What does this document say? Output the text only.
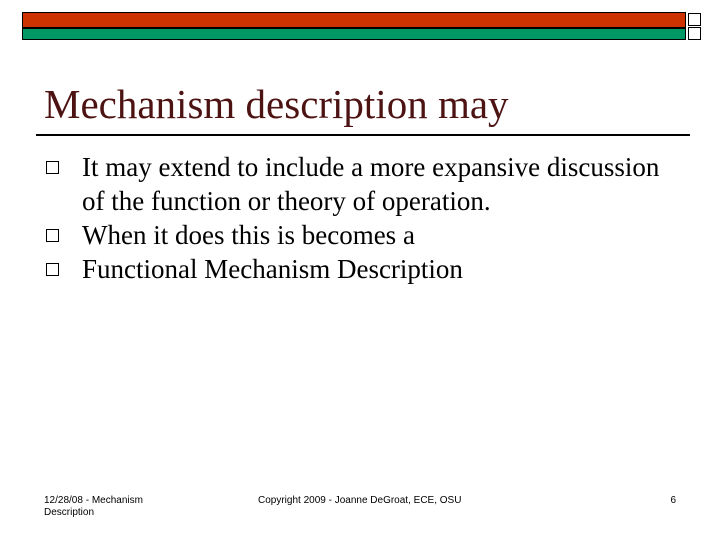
Mechanism description may
It may extend to include a more expansive discussion of the function or theory of operation.
When it does this is becomes a
Functional Mechanism Description
12/28/08 - Mechanism Description
Copyright 2009 - Joanne DeGroat, ECE, OSU	6
